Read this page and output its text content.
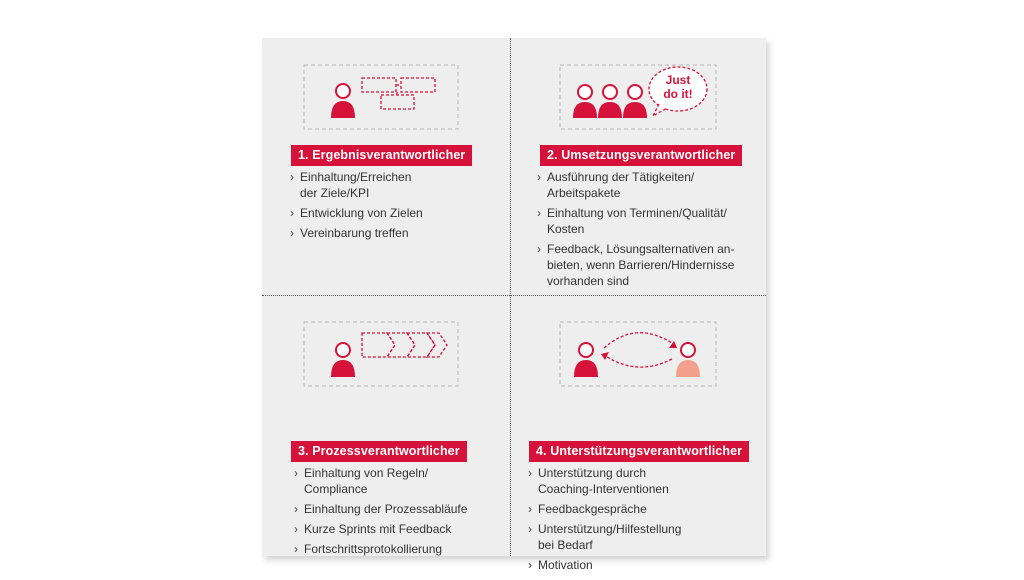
1. Ergebnisverantwortlicher
› Einhaltung/Erreichen
der Ziele/KPI
› Entwicklung von Zielen
› Vereinbarung treffen
Just
do it!
2. Umsetzungsverantwortlicher
› Ausführung der Tätigkeiten/
Arbeitspakete
› Einhaltung von Terminen/Qualität/
Kosten
› Feedback, Lösungsalternativen an-
bieten, wenn Barrieren/Hindernisse
vorhanden sind
3. Prozessverantwortlicher
› Einhaltung von Regeln/
Compliance
› Einhaltung der Prozessabläufe
› Kurze Sprints mit Feedback
› Fortschrittsprotokollierung
4. Unterstützungsverantwortlicher
› Unterstützung durch
Coaching-Interventionen
› Feedbackgespräche
› Unterstützung/Hilfestellung
bei Bedarf
› Motivation
